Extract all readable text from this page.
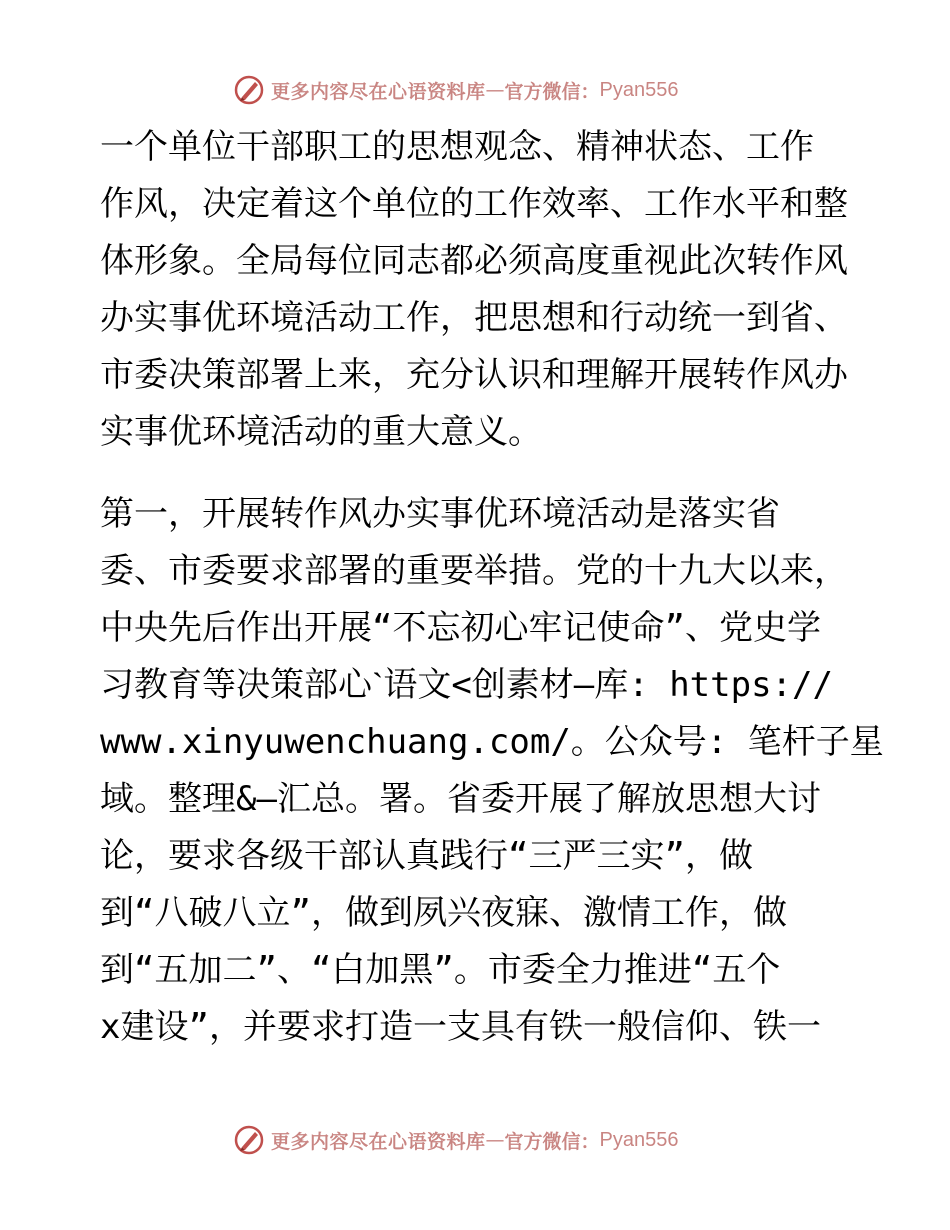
更多内容尽在心语资料库 — 官方微信： Pyan556
一个单位干部职工的思想观念、精神状态、工作
作风，决定着这个单位的工作效率、工作水平和整
体形象。全局每位同志都必须高度重视此次转作风
办实事优环境活动工作，把思想和行动统一到省、
市委决策部署上来，充分认识和理解开展转作风办
实事优环境活动的重大意义。
第一，开展转作风办实事优环境活动是落实省
委、市委要求部署的重要举措。党的十九大以来，
中央先后作出开展“不忘初心牢记使命”、党史学
习教育等决策部心ˋ语文<创素材—库: https://
www.xinyuwenchuang.com/。公众号: 笔杆子星
域。整理&—汇总。署。省委开展了解放思想大讨
论，要求各级干部认真践行“三严三实”，做
到“八破八立”，做到夙兴夜寐、激情工作，做
到“五加二”、“白加黑”。市委全力推进“五个
x建设”，并要求打造一支具有铁一般信仰、铁一
更多内容尽在心语资料库 — 官方微信： Pyan556
